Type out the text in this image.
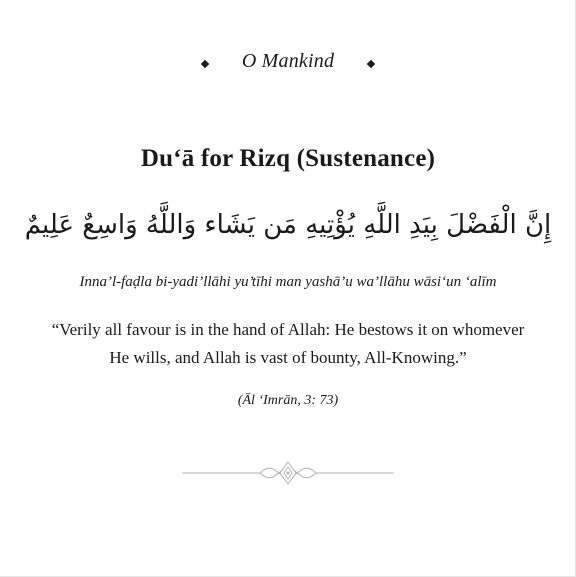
O Mankind
Du‘ā for Rizq (Sustenance)
إِنَّ الْفَضْلَ بِيَدِ اللَّهِ يُؤْتِيهِ مَن يَشَاء وَاللَّهُ وَاسِعٌ عَلِيمٌ
Inna’l-faḍla bi-yadi’llāhi yu’tīhi man yashā’u wa’llāhu wāsi‘un ‘alīm
“Verily all favour is in the hand of Allah: He bestows it on whomever He wills, and Allah is vast of bounty, All-Knowing.”
(Āl ‘Imrān, 3: 73)
